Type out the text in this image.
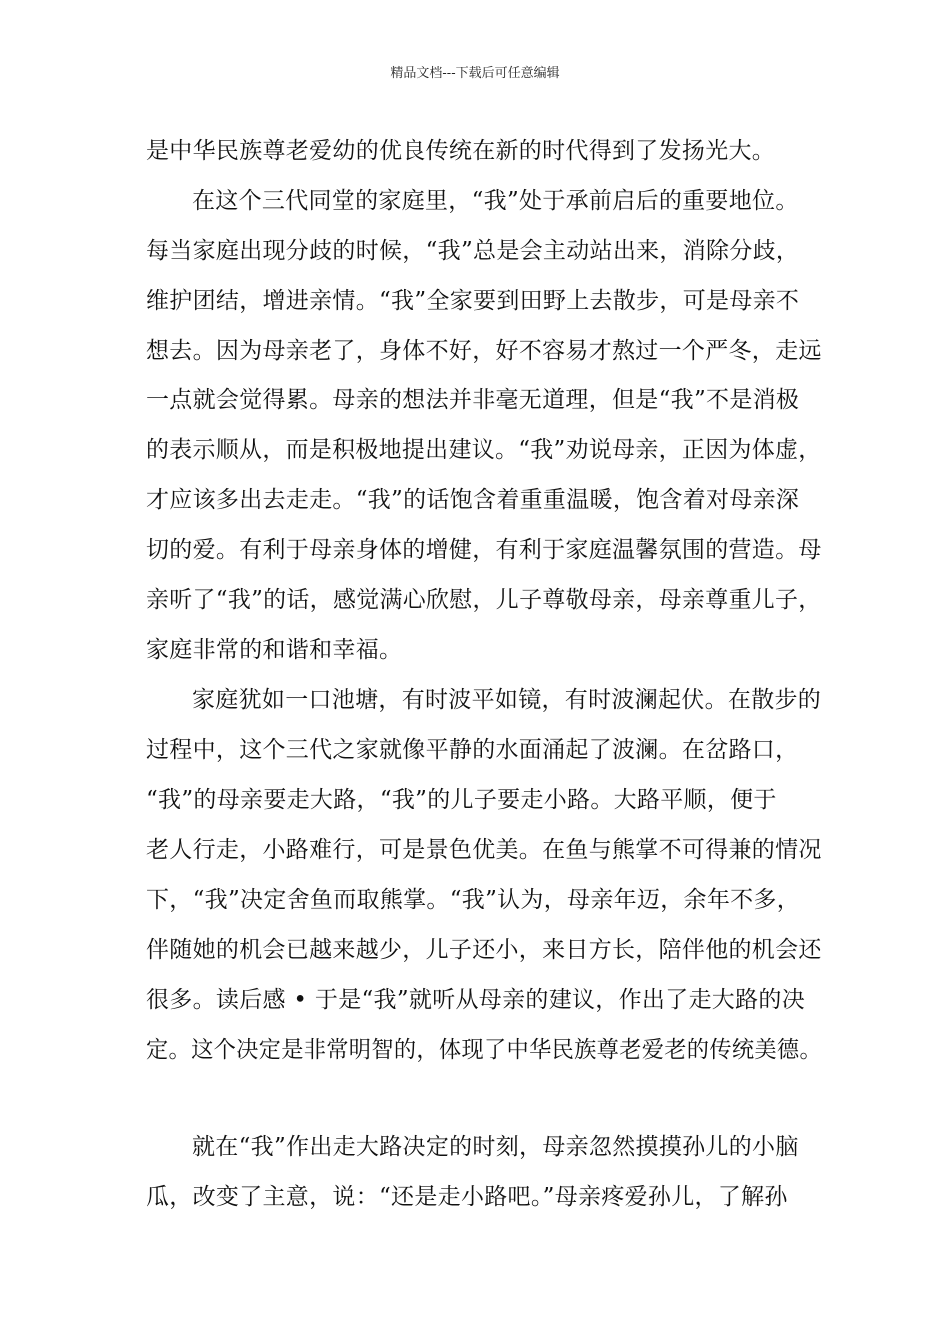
精品文档---下载后可任意编辑
是中华民族尊老爱幼的优良传统在新的时代得到了发扬光大。
在这个三代同堂的家庭里，“我”处于承前启后的重要地位。
每当家庭出现分歧的时候，“我”总是会主动站出来，消除分歧，
维护团结，增进亲情。“我”全家要到田野上去散步，可是母亲不
想去。因为母亲老了，身体不好，好不容易才熬过一个严冬，走远
一点就会觉得累。母亲的想法并非毫无道理，但是“我”不是消极
的表示顺从，而是积极地提出建议。“我”劝说母亲，正因为体虚，
才应该多出去走走。“我”的话饱含着重重温暖，饱含着对母亲深
切的爱。有利于母亲身体的增健，有利于家庭温馨氛围的营造。母
亲听了“我”的话，感觉满心欣慰，儿子尊敬母亲，母亲尊重儿子，
家庭非常的和谐和幸福。
家庭犹如一口池塘，有时波平如镜，有时波澜起伏。在散步的
过程中，这个三代之家就像平静的水面涌起了波澜。在岔路口，
“我”的母亲要走大路，“我”的儿子要走小路。大路平顺，便于
老人行走，小路难行，可是景色优美。在鱼与熊掌不可得兼的情况
下，“我”决定舍鱼而取熊掌。“我”认为，母亲年迈，余年不多，
伴随她的机会已越来越少，儿子还小，来日方长，陪伴他的机会还
很多。读后感 • 于是“我”就听从母亲的建议，作出了走大路的决
定。这个决定是非常明智的，体现了中华民族尊老爱老的传统美德。
就在“我”作出走大路决定的时刻，母亲忽然摸摸孙儿的小脑
瓜，改变了主意，说：“还是走小路吧。”母亲疼爱孙儿，了解孙
